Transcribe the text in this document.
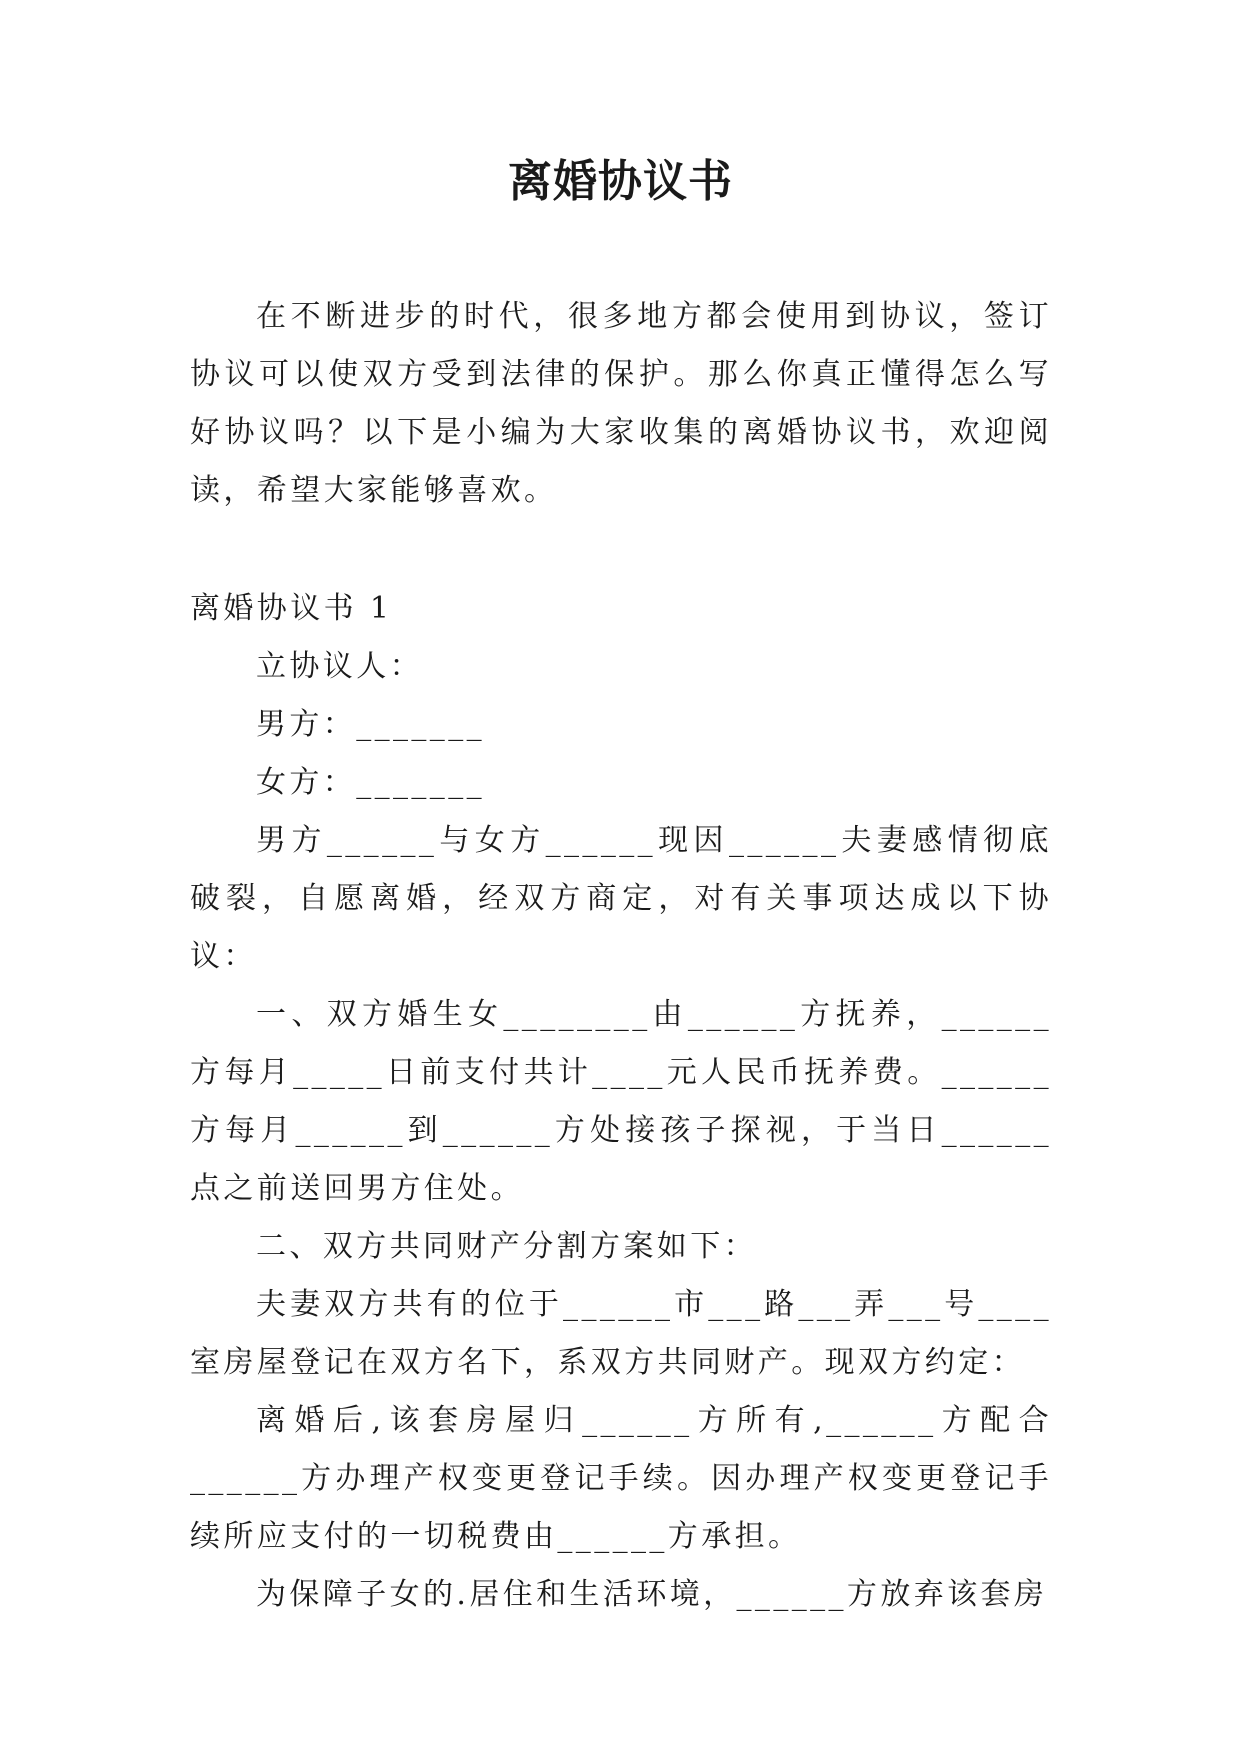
离婚协议书

在不断进步的时代，很多地方都会使用到协议，签订协议可以使双方受到法律的保护。那么你真正懂得怎么写好协议吗？以下是小编为大家收集的离婚协议书，欢迎阅读，希望大家能够喜欢。

离婚协议书 1

立协议人：

男方：_______

女方：_______

男方______与女方______现因______夫妻感情彻底破裂，自愿离婚，经双方商定，对有关事项达成以下协议：

一、双方婚生女________由______方抚养，______方每月_____日前支付共计____元人民币抚养费。______方每月______到______方处接孩子探视，于当日______点之前送回男方住处。

二、双方共同财产分割方案如下：

夫妻双方共有的位于______市___路___弄___号____室房屋登记在双方名下，系双方共同财产。现双方约定：

离婚后,该套房屋归______方所有,______方配合______方办理产权变更登记手续。因办理产权变更登记手续所应支付的一切税费由______方承担。

为保障子女的.居住和生活环境，______方放弃该套房
